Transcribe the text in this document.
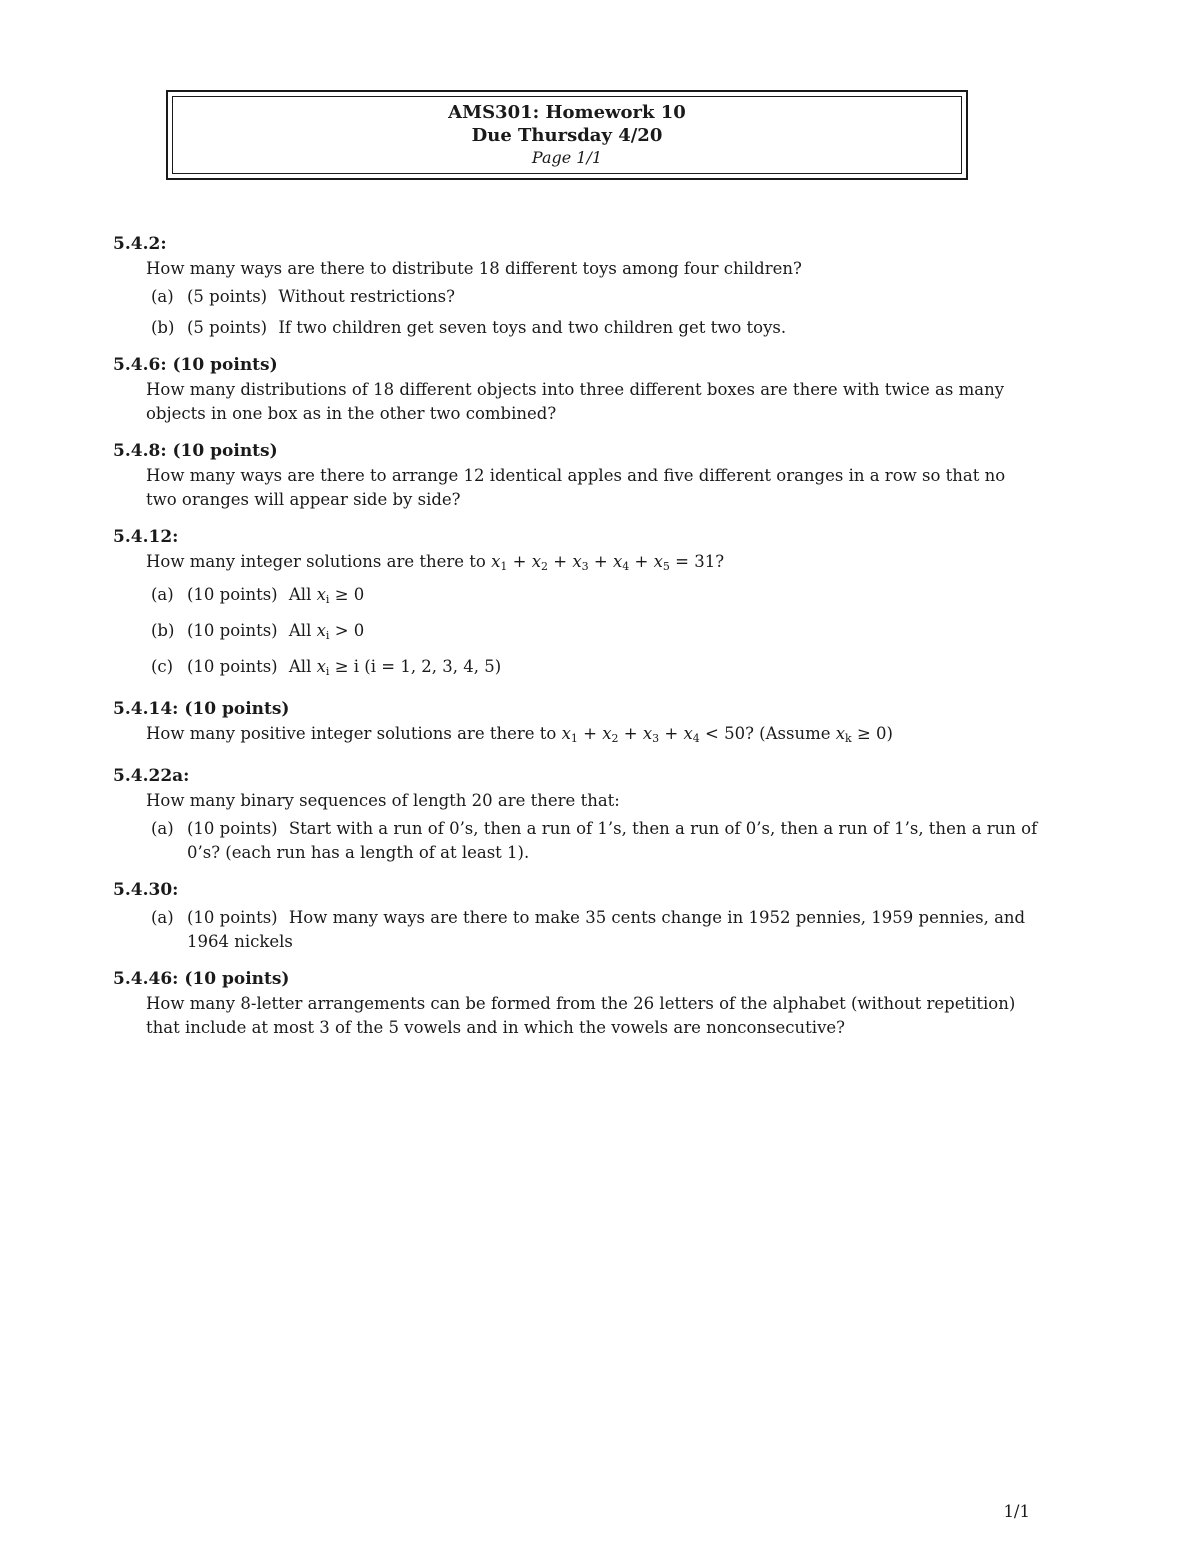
AMS301: Homework 10
Due Thursday 4/20
Page 1/1
5.4.2:
How many ways are there to distribute 18 different toys among four children?
(a) (5 points) Without restrictions?
(b) (5 points) If two children get seven toys and two children get two toys.
5.4.6: (10 points)
How many distributions of 18 different objects into three different boxes are there with twice as many objects in one box as in the other two combined?
5.4.8: (10 points)
How many ways are there to arrange 12 identical apples and five different oranges in a row so that no two oranges will appear side by side?
5.4.12:
How many integer solutions are there to $x_1 + x_2 + x_3 + x_4 + x_5 = 31$?
(a) (10 points) All $x_i \ge 0$
(b) (10 points) All $x_i > 0$
(c) (10 points) All $x_i \ge i$ (i = 1, 2, 3, 4, 5)
5.4.14: (10 points)
How many positive integer solutions are there to $x_1 + x_2 + x_3 + x_4 < 50$? (Assume $x_k \ge 0$)
5.4.22a:
How many binary sequences of length 20 are there that:
(a) (10 points) Start with a run of 0’s, then a run of 1’s, then a run of 0’s, then a run of 1’s, then a run of 0’s? (each run has a length of at least 1).
5.4.30:
(a) (10 points) How many ways are there to make 35 cents change in 1952 pennies, 1959 pennies, and 1964 nickels
5.4.46: (10 points)
How many 8-letter arrangements can be formed from the 26 letters of the alphabet (without repetition) that include at most 3 of the 5 vowels and in which the vowels are nonconsecutive?
1/1
